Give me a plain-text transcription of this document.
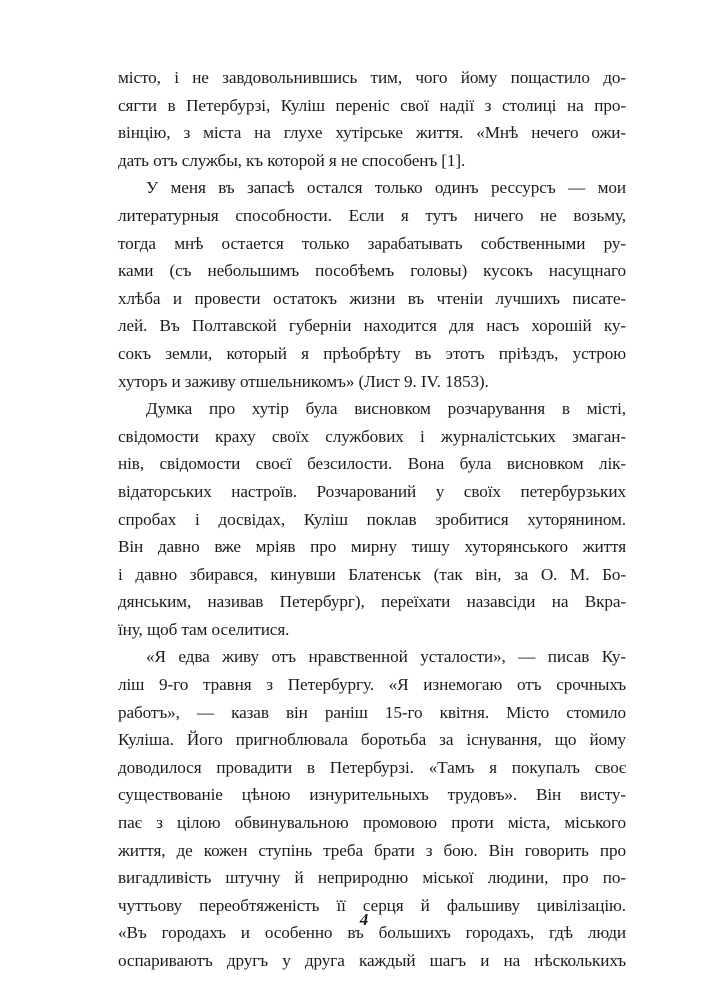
місто, і не завдовольнившись тим, чого йому пощастило до-
сягти в Петербурзі, Куліш переніс свої надії з столиці на про-
вінцію, з міста на глухе хутірське життя. «Мнѣ нечего ожи-
дать отъ службы, къ которой я не способенъ [1].
У меня въ запасѣ остался только одинъ рессурсъ — мои
литературныя способности. Если я тутъ ничего не возьму,
тогда мнѣ остается только зарабатывать собственными ру-
ками (съ небольшимъ пособѣемъ головы) кусокъ насущнаго
хлѣба и провести остатокъ жизни въ чтеніи лучшихъ писате-
лей. Въ Полтавской губерніи находится для насъ хорошій ку-
сокъ земли, который я прѣобрѣту въ этотъ пріѣздъ, устрою
хуторъ и заживу отшельникомъ» (Лист 9. IV. 1853).
Думка про хутір була висновком розчарування в місті,
свідомости краху своїх службових і журналістських змаган-
нів, свідомости своєї безсилости. Вона була висновком лік-
відаторських настроїв. Розчарований у своїх петербурзьких
спробах і досвідах, Куліш поклав зробитися хуторянином.
Він давно вже мріяв про мирну тишу хуторянського життя
і давно збирався, кинувши Блатенськ (так він, за О. М. Бо-
дянським, називав Петербург), переїхати назавсіди на Вкра-
їну, щоб там оселитися.
«Я едва живу отъ нравственной усталости», — писав Ку-
ліш 9-го травня з Петербургу. «Я изнемогаю отъ срочныхъ
работъ», — казав він раніш 15-го квітня. Місто стомило
Куліша. Його пригноблювала боротьба за існування, що йому
доводилося провадити в Петербурзі. «Тамъ я покупалъ своє
существованіе цѣною изнурительныхъ трудовъ». Він висту-
пає з цілою обвинувальною промовою проти міста, міського
життя, де кожен ступінь треба брати з бою. Він говорить про
вигадливість штучну й неприродню міської людини, про по-
чуттьову переобтяженість її серця й фальшиву цивілізацію.
«Въ городахъ и особенно въ большихъ городахъ, гдѣ люди
оспариваютъ другъ у друга каждый шагъ и на нѣсколькихъ
4
